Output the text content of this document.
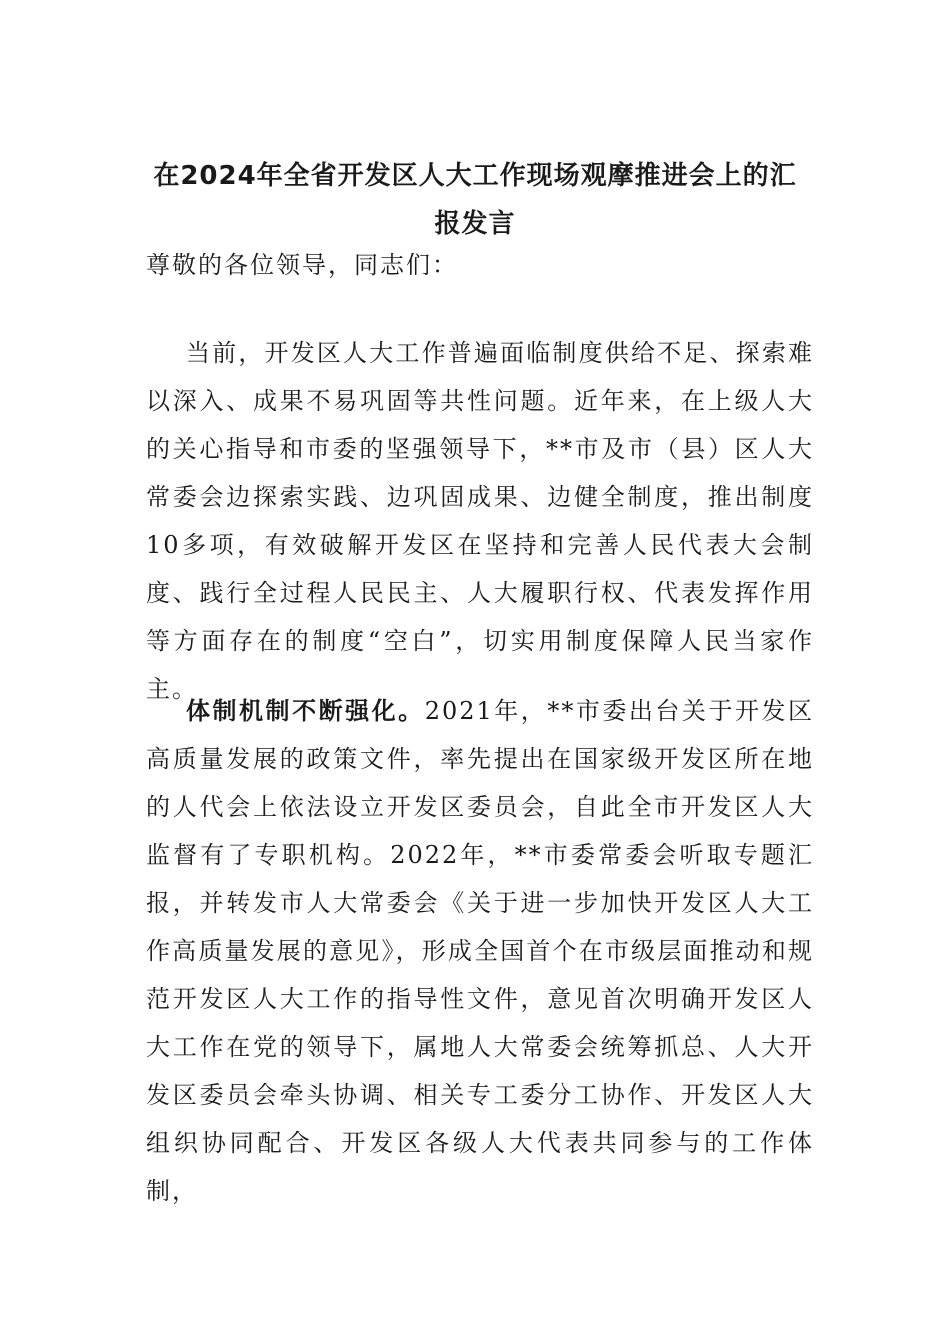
在2024年全省开发区人大工作现场观摩推进会上的汇报发言
尊敬的各位领导，同志们：
当前，开发区人大工作普遍面临制度供给不足、探索难以深入、成果不易巩固等共性问题。近年来，在上级人大的关心指导和市委的坚强领导下，**市及市（县）区人大常委会边探索实践、边巩固成果、边健全制度，推出制度10多项，有效破解开发区在坚持和完善人民代表大会制度、践行全过程人民民主、人大履职行权、代表发挥作用等方面存在的制度“空白”，切实用制度保障人民当家作主。
体制机制不断强化。2021年，**市委出台关于开发区高质量发展的政策文件，率先提出在国家级开发区所在地的人代会上依法设立开发区委员会，自此全市开发区人大监督有了专职机构。2022年，**市委常委会听取专题汇报，并转发市人大常委会《关于进一步加快开发区人大工作高质量发展的意见》，形成全国首个在市级层面推动和规范开发区人大工作的指导性文件，意见首次明确开发区人大工作在党的领导下，属地人大常委会统筹抓总、人大开发区委员会牵头协调、相关专工委分工协作、开发区人大组织协同配合、开发区各级人大代表共同参与的工作体制，
